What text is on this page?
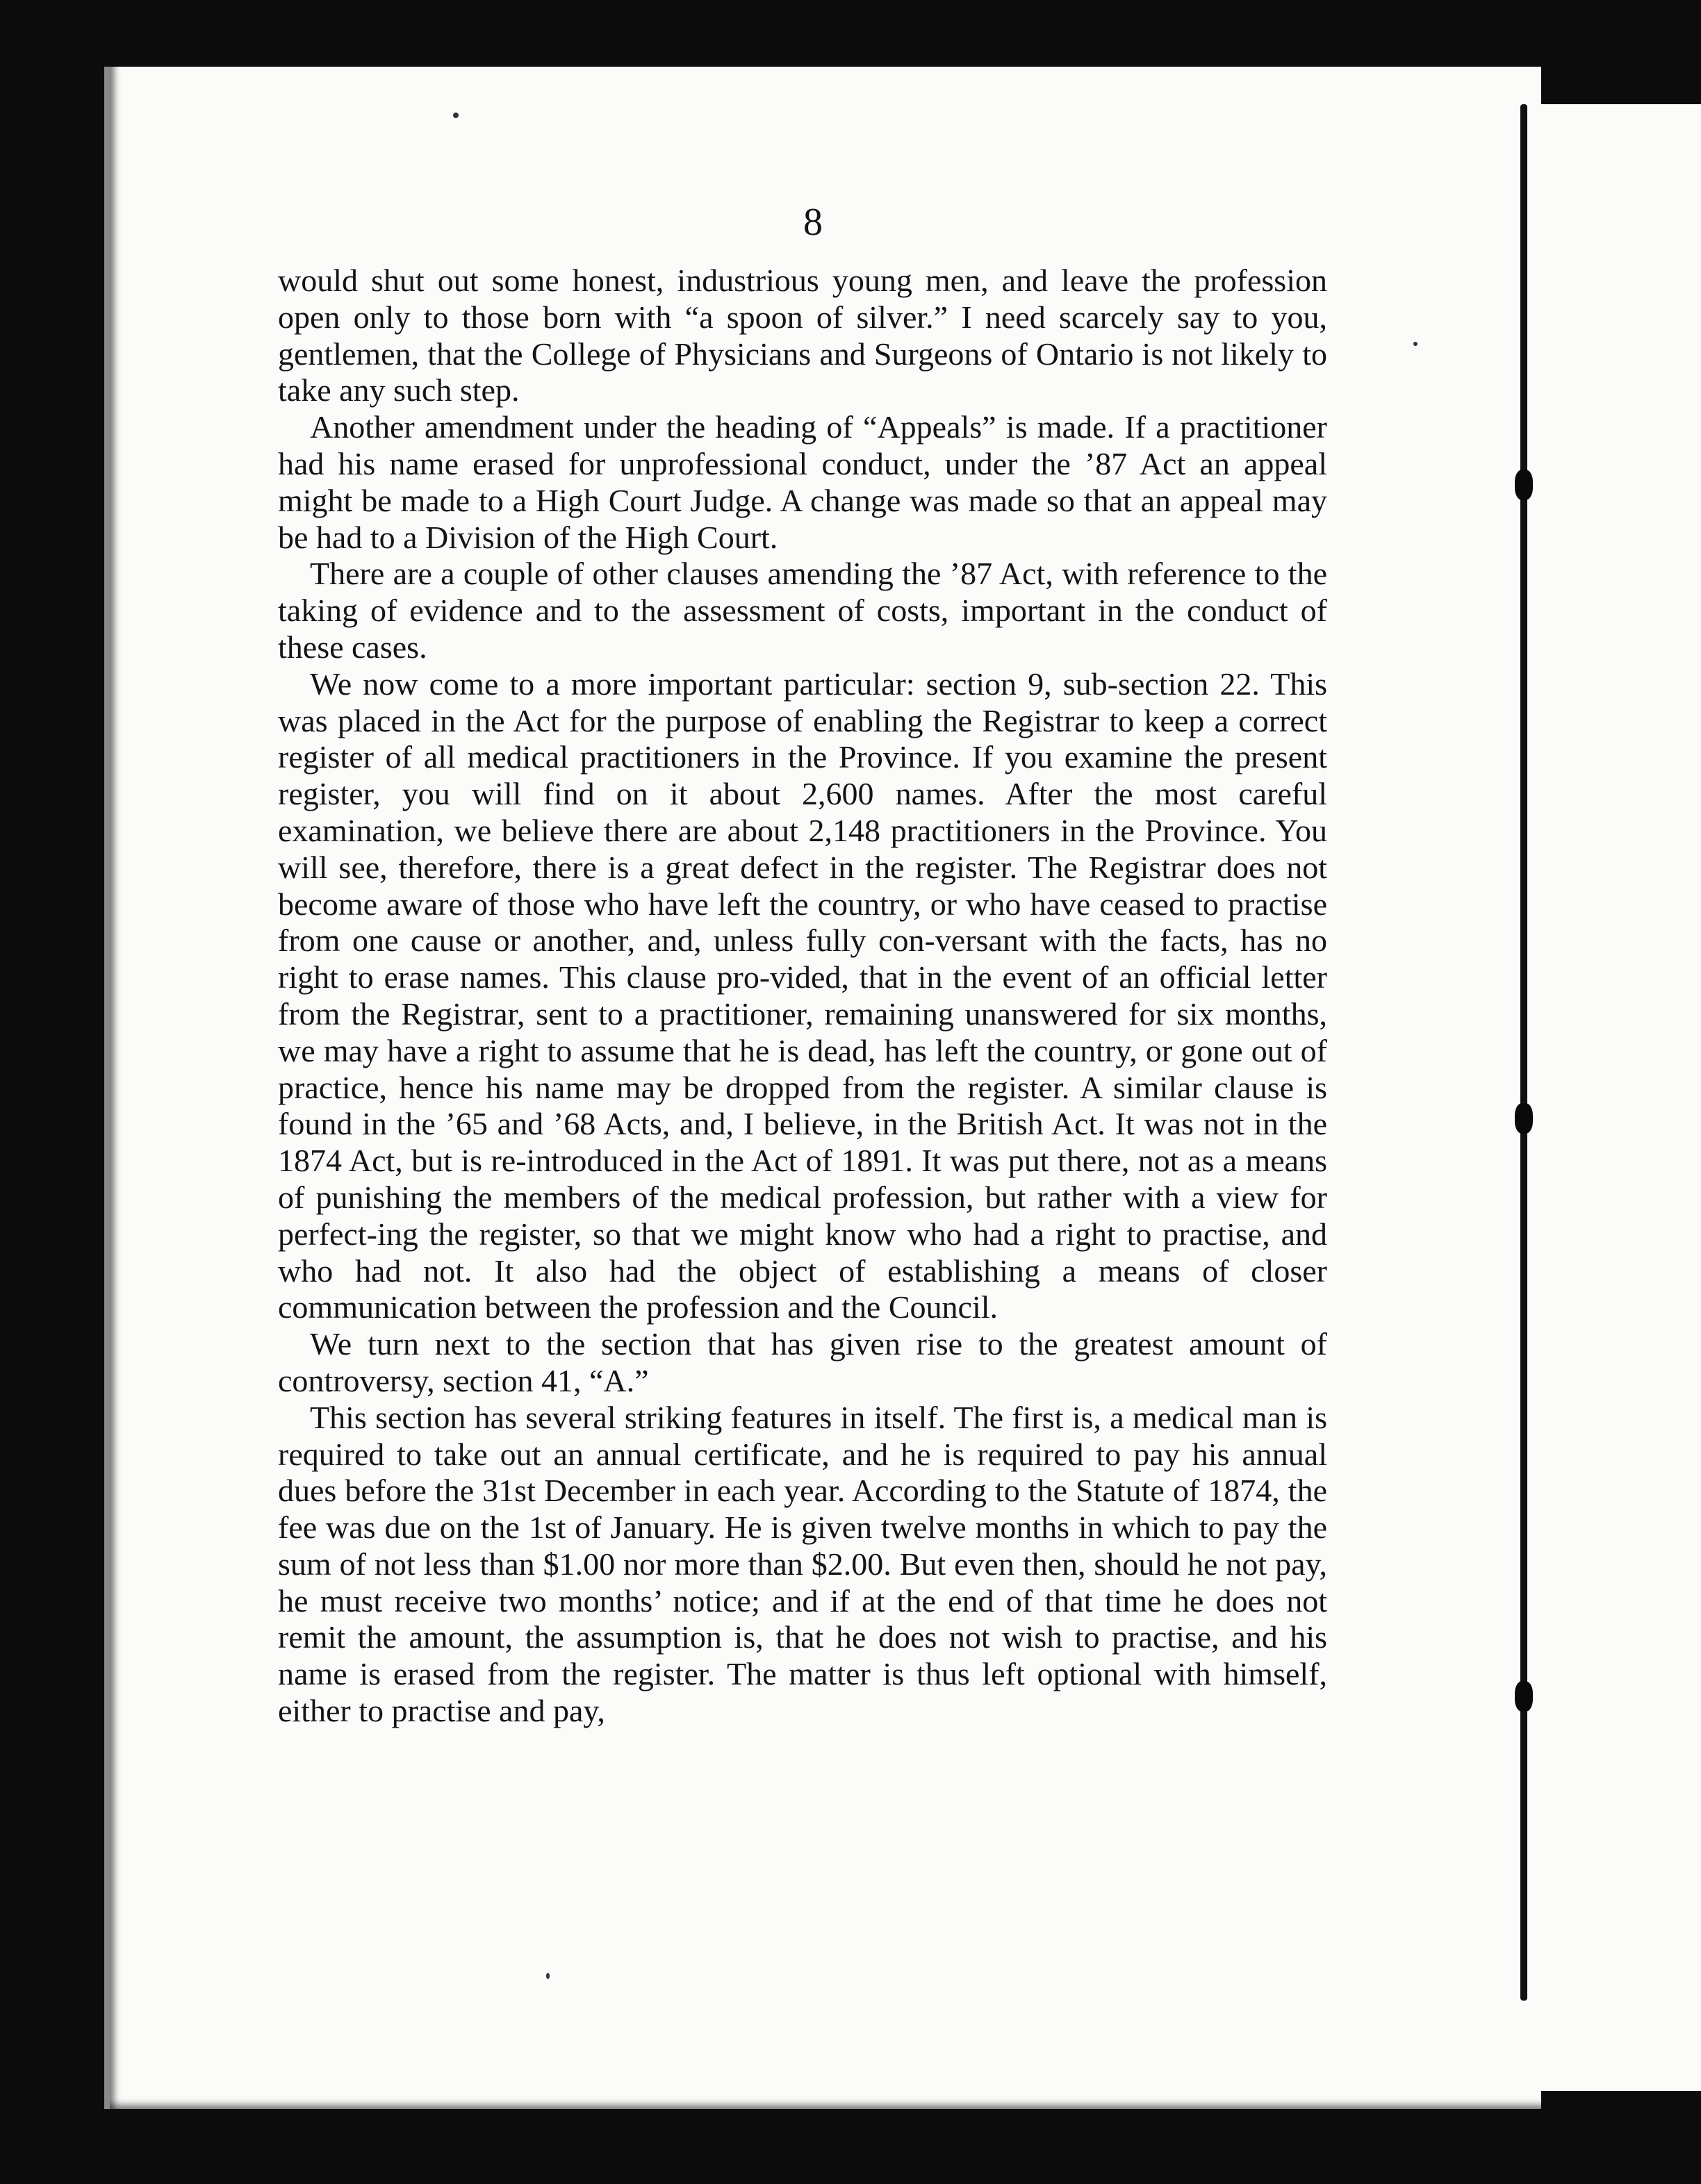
8

would shut out some honest, industrious young men, and leave the profession open only to those born with “a spoon of silver.” I need scarcely say to you, gentlemen, that the College of Physicians and Surgeons of Ontario is not likely to take any such step.

Another amendment under the heading of “Appeals” is made. If a practitioner had his name erased for unprofessional conduct, under the ’87 Act an appeal might be made to a High Court Judge. A change was made so that an appeal may be had to a Division of the High Court.

There are a couple of other clauses amending the ’87 Act, with reference to the taking of evidence and to the assessment of costs, important in the conduct of these cases.

We now come to a more important particular: section 9, sub-section 22. This was placed in the Act for the purpose of enabling the Registrar to keep a correct register of all medical practitioners in the Province. If you examine the present register, you will find on it about 2,600 names. After the most careful examination, we believe there are about 2,148 practitioners in the Province. You will see, therefore, there is a great defect in the register. The Registrar does not become aware of those who have left the country, or who have ceased to practise from one cause or another, and, unless fully con-versant with the facts, has no right to erase names. This clause pro-vided, that in the event of an official letter from the Registrar, sent to a practitioner, remaining unanswered for six months, we may have a right to assume that he is dead, has left the country, or gone out of practice, hence his name may be dropped from the register. A similar clause is found in the ’65 and ’68 Acts, and, I believe, in the British Act. It was not in the 1874 Act, but is re-introduced in the Act of 1891. It was put there, not as a means of punishing the members of the medical profession, but rather with a view for perfect-ing the register, so that we might know who had a right to practise, and who had not. It also had the object of establishing a means of closer communication between the profession and the Council.

We turn next to the section that has given rise to the greatest amount of controversy, section 41, “A.”

This section has several striking features in itself. The first is, a medical man is required to take out an annual certificate, and he is required to pay his annual dues before the 31st December in each year. According to the Statute of 1874, the fee was due on the 1st of January. He is given twelve months in which to pay the sum of not less than $1.00 nor more than $2.00. But even then, should he not pay, he must receive two months’ notice; and if at the end of that time he does not remit the amount, the assumption is, that he does not wish to practise, and his name is erased from the register. The matter is thus left optional with himself, either to practise and pay,
